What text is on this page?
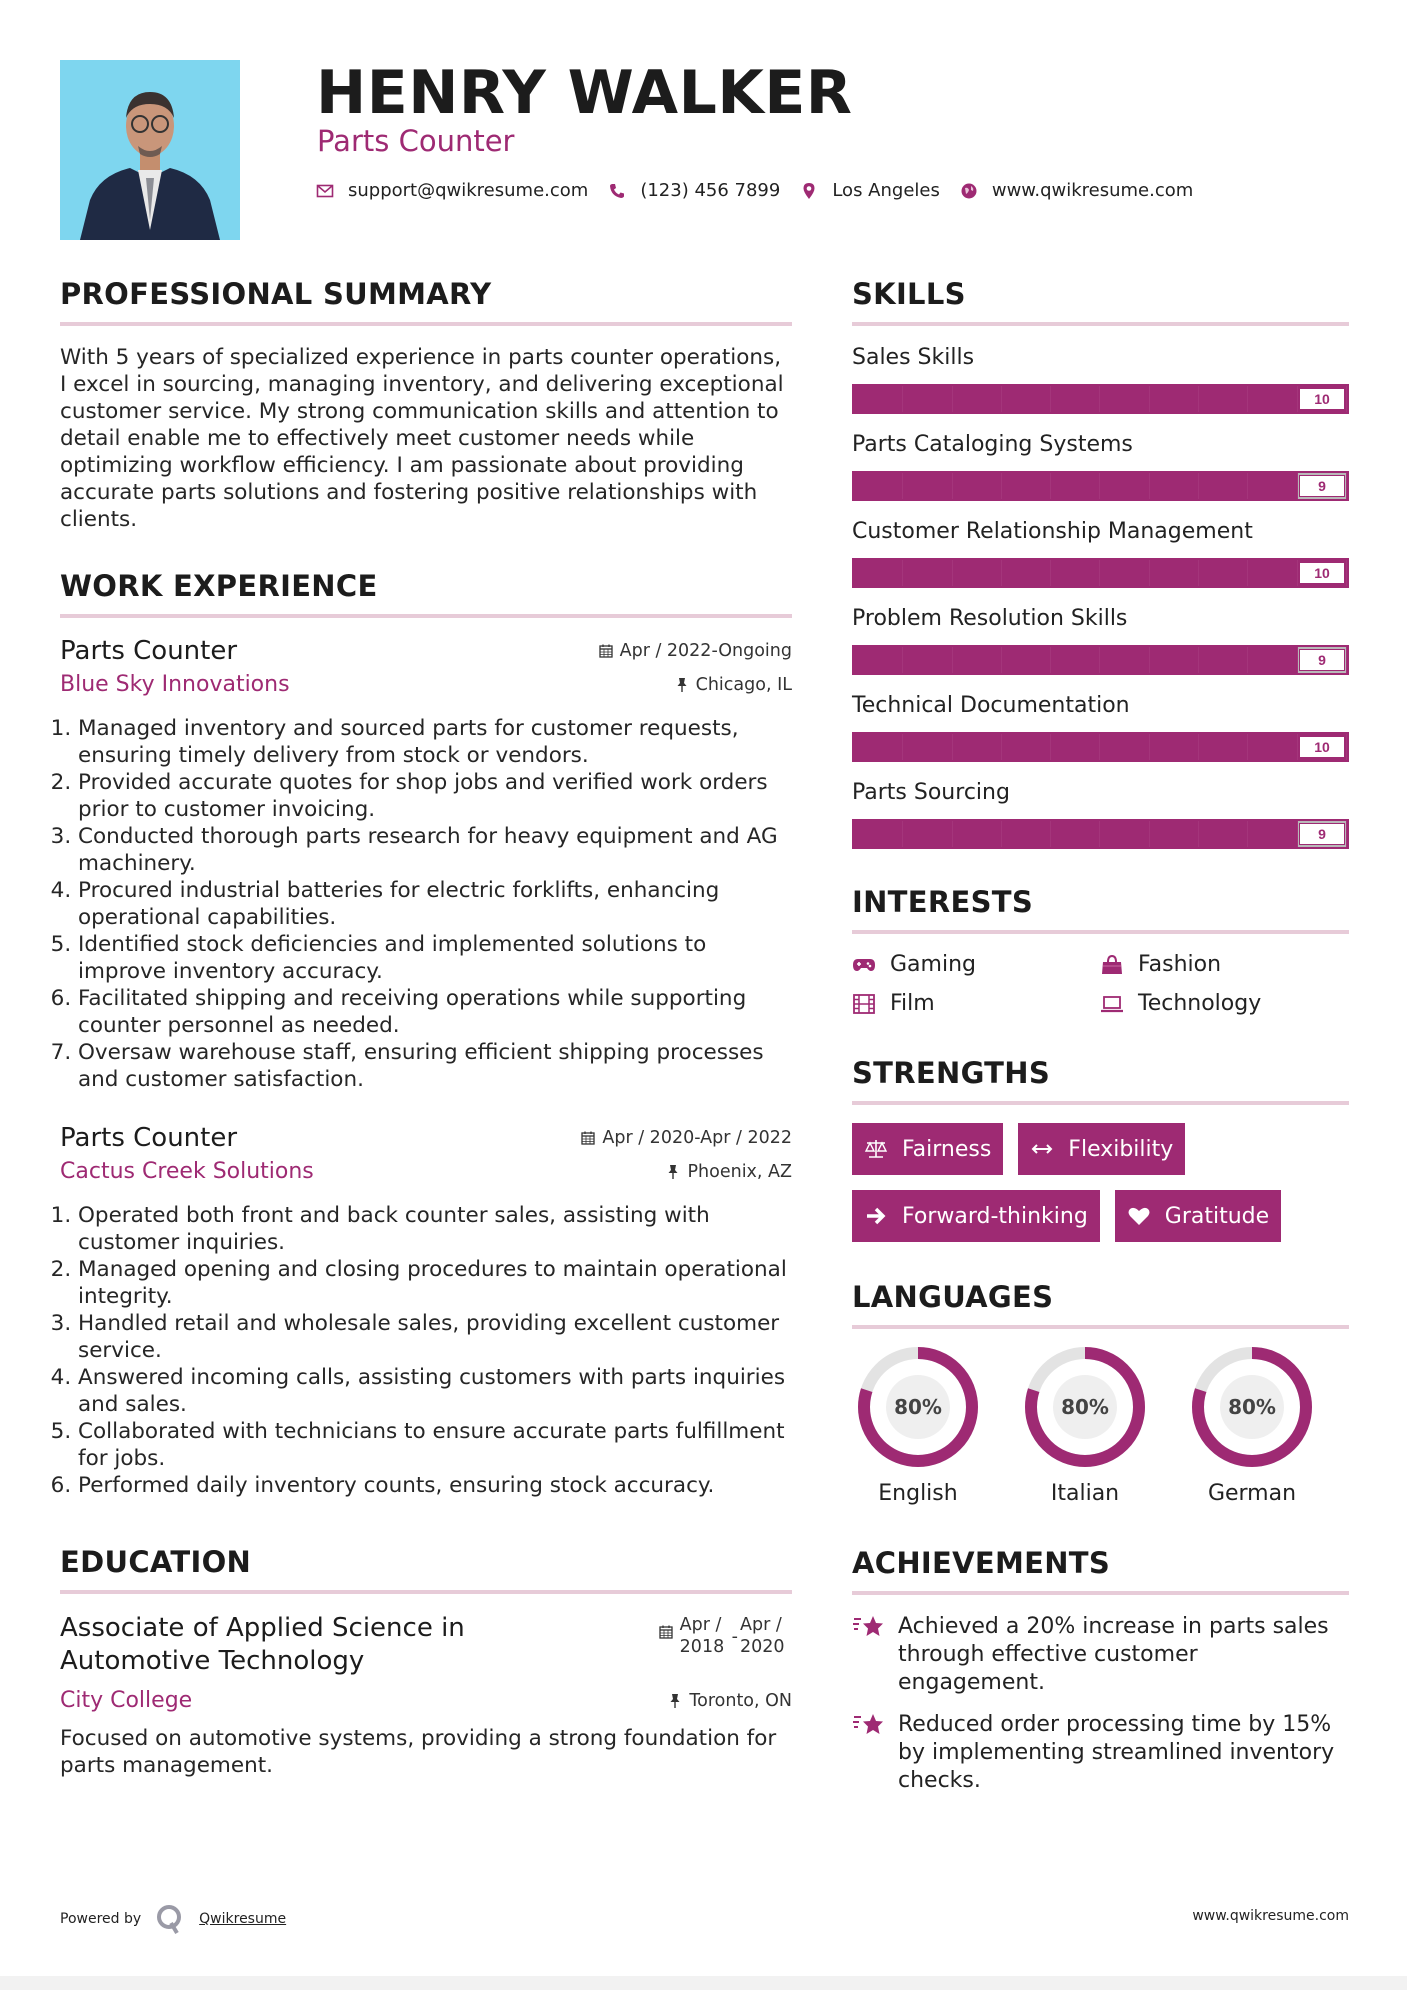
HENRY WALKER
Parts Counter
support@qwikresume.com	(123) 456 7899	Los Angeles	www.qwikresume.com
PROFESSIONAL SUMMARY

With 5 years of specialized experience in parts counter operations, I excel in sourcing, managing inventory, and delivering exceptional customer service. My strong communication skills and attention to detail enable me to effectively meet customer needs while optimizing workflow efficiency. I am passionate about providing accurate parts solutions and fostering positive relationships with clients.

WORK EXPERIENCE
Parts Counter	Apr / 2022-Ongoing
Blue Sky Innovations	Chicago, IL
1. Managed inventory and sourced parts for customer requests, ensuring timely delivery from stock or vendors.
2. Provided accurate quotes for shop jobs and verified work orders prior to customer invoicing.
3. Conducted thorough parts research for heavy equipment and AG machinery.
4. Procured industrial batteries for electric forklifts, enhancing operational capabilities.
5. Identified stock deficiencies and implemented solutions to improve inventory accuracy.
6. Facilitated shipping and receiving operations while supporting counter personnel as needed.
7. Oversaw warehouse staff, ensuring efficient shipping processes and customer satisfaction.
Parts Counter	Apr / 2020-Apr / 2022
Cactus Creek Solutions	Phoenix, AZ
1. Operated both front and back counter sales, assisting with customer inquiries.
2. Managed opening and closing procedures to maintain operational integrity.
3. Handled retail and wholesale sales, providing excellent customer service.
4. Answered incoming calls, assisting customers with parts inquiries and sales.
5. Collaborated with technicians to ensure accurate parts fulfillment for jobs.
6. Performed daily inventory counts, ensuring stock accuracy.
EDUCATION
Associate of Applied Science in Automotive Technology
Apr / 2018 -
Apr / 2020
City College	Toronto, ON

Focused on automotive systems, providing a strong foundation for parts management.

SKILLS
Sales Skills
10
Parts Cataloging Systems
9
Customer Relationship Management
10
Problem Resolution Skills
9
Technical Documentation
10
Parts Sourcing
9
INTERESTS
Gaming	Fashion
Film	Technology
STRENGTHS
Fairness	Flexibility
Forward-thinking	Gratitude
LANGUAGES
80%
English
80%
Italian
80%
German
ACHIEVEMENTS
Achieved a 20% increase in parts sales through effective customer engagement.
Reduced order processing time by 15% by implementing streamlined inventory checks.
Powered by	Qwikresume	www.qwikresume.com
